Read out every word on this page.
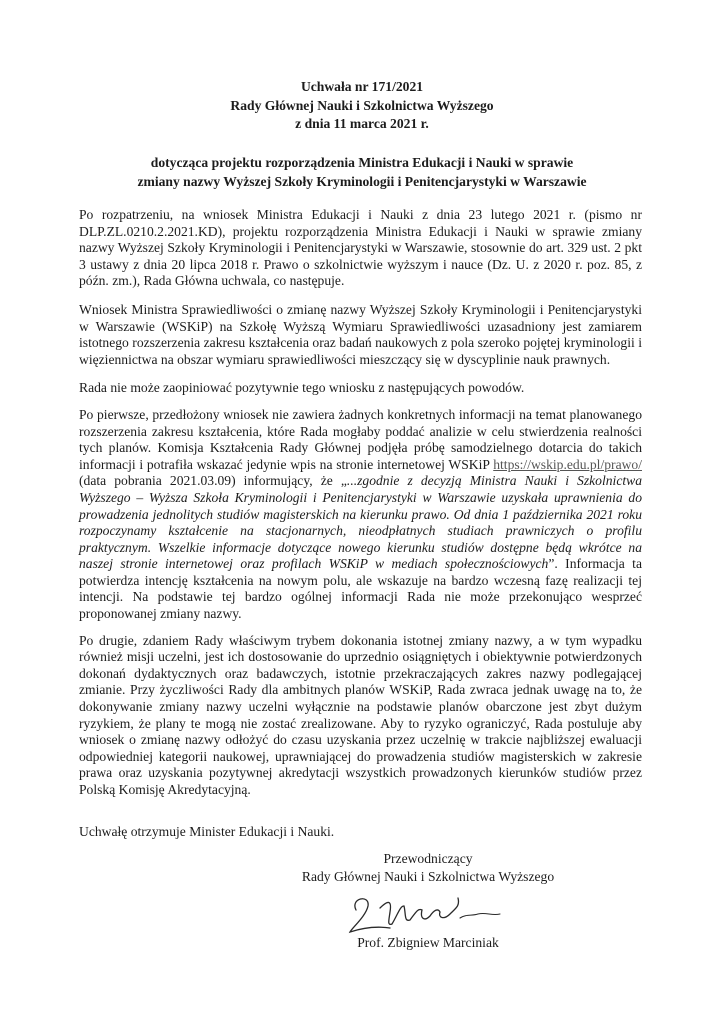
Uchwała nr 171/2021
Rady Głównej Nauki i Szkolnictwa Wyższego
z dnia 11 marca 2021 r.
dotycząca projektu rozporządzenia Ministra Edukacji i Nauki w sprawie
zmiany nazwy Wyższej Szkoły Kryminologii i Penitencjarystyki w Warszawie

Po rozpatrzeniu, na wniosek Ministra Edukacji i Nauki z dnia 23 lutego 2021 r. (pismo nr DLP.ZL.0210.2.2021.KD), projektu rozporządzenia Ministra Edukacji i Nauki w sprawie zmiany nazwy Wyższej Szkoły Kryminologii i Penitencjarystyki w Warszawie, stosownie do art. 329 ust. 2 pkt 3 ustawy z dnia 20 lipca 2018 r. Prawo o szkolnictwie wyższym i nauce (Dz. U. z 2020 r. poz. 85, z późn. zm.), Rada Główna uchwala, co następuje.

Wniosek Ministra Sprawiedliwości o zmianę nazwy Wyższej Szkoły Kryminologii i Penitencjarystyki w Warszawie (WSKiP) na Szkołę Wyższą Wymiaru Sprawiedliwości uzasadniony jest zamiarem istotnego rozszerzenia zakresu kształcenia oraz badań naukowych z pola szeroko pojętej kryminologii i więziennictwa na obszar wymiaru sprawiedliwości mieszczący się w dyscyplinie nauk prawnych.

Rada nie może zaopiniować pozytywnie tego wniosku z następujących powodów.

Po pierwsze, przedłożony wniosek nie zawiera żadnych konkretnych informacji na temat planowanego rozszerzenia zakresu kształcenia, które Rada mogłaby poddać analizie w celu stwierdzenia realności tych planów. Komisja Kształcenia Rady Głównej podjęła próbę samodzielnego dotarcia do takich informacji i potrafiła wskazać jedynie wpis na stronie internetowej WSKiP https://wskip.edu.pl/prawo/ (data pobrania 2021.03.09) informujący, że „...zgodnie z decyzją Ministra Nauki i Szkolnictwa Wyższego – Wyższa Szkoła Kryminologii i Penitencjarystyki w Warszawie uzyskała uprawnienia do prowadzenia jednolitych studiów magisterskich na kierunku prawo. Od dnia 1 października 2021 roku rozpoczynamy kształcenie na stacjonarnych, nieodpłatnych studiach prawniczych o profilu praktycznym. Wszelkie informacje dotyczące nowego kierunku studiów dostępne będą wkrótce na naszej stronie internetowej oraz profilach WSKiP w mediach społecznościowych”. Informacja ta potwierdza intencję kształcenia na nowym polu, ale wskazuje na bardzo wczesną fazę realizacji tej intencji. Na podstawie tej bardzo ogólnej informacji Rada nie może przekonująco wesprzeć proponowanej zmiany nazwy.

Po drugie, zdaniem Rady właściwym trybem dokonania istotnej zmiany nazwy, a w tym wypadku również misji uczelni, jest ich dostosowanie do uprzednio osiągniętych i obiektywnie potwierdzonych dokonań dydaktycznych oraz badawczych, istotnie przekraczających zakres nazwy podlegającej zmianie. Przy życzliwości Rady dla ambitnych planów WSKiP, Rada zwraca jednak uwagę na to, że dokonywanie zmiany nazwy uczelni wyłącznie na podstawie planów obarczone jest zbyt dużym ryzykiem, że plany te mogą nie zostać zrealizowane. Aby to ryzyko ograniczyć, Rada postuluje aby wniosek o zmianę nazwy odłożyć do czasu uzyskania przez uczelnię w trakcie najbliższej ewaluacji odpowiedniej kategorii naukowej, uprawniającej do prowadzenia studiów magisterskich w zakresie prawa oraz uzyskania pozytywnej akredytacji wszystkich prowadzonych kierunków studiów przez Polską Komisję Akredytacyjną.

Uchwałę otrzymuje Minister Edukacji i Nauki.
Przewodniczący
Rady Głównej Nauki i Szkolnictwa Wyższego
Prof. Zbigniew Marciniak
